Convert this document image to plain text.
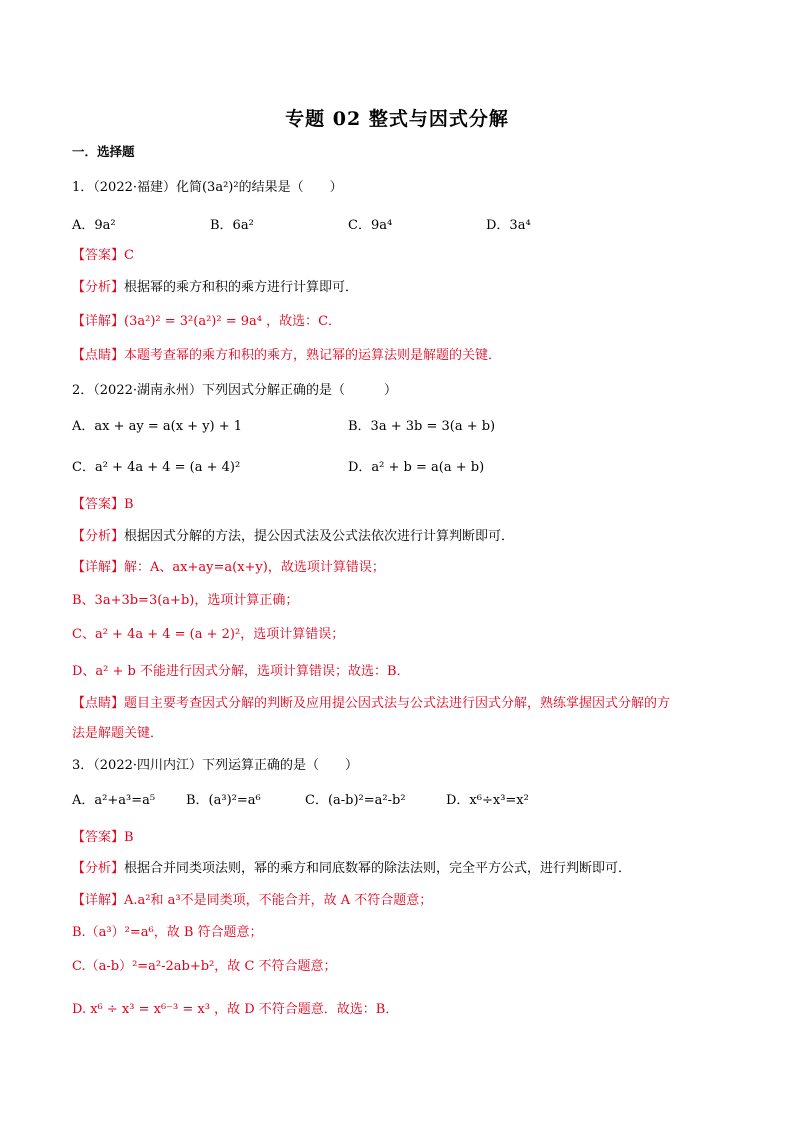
专题 02 整式与因式分解
一．选择题
1．（2022·福建）化简(3a²)²的结果是（　　）
A．9a²	B．6a²	C．9a⁴	D．3a⁴
【答案】C
【分析】根据幂的乘方和积的乘方进行计算即可．
【详解】(3a²)² = 3²(a²)² = 9a⁴ ，故选：C．
【点睛】本题考查幂的乘方和积的乘方，熟记幂的运算法则是解题的关键．
2．（2022·湖南永州）下列因式分解正确的是（　　　）
A．ax + ay = a(x + y) + 1	B．3a + 3b = 3(a + b)
C．a² + 4a + 4 = (a + 4)²	D．a² + b = a(a + b)
【答案】B
【分析】根据因式分解的方法，提公因式法及公式法依次进行计算判断即可．
【详解】解：A、ax+ay=a(x+y)，故选项计算错误；
B、3a+3b=3(a+b)，选项计算正确；
C、a² + 4a + 4 = (a + 2)²，选项计算错误；
D、a² + b 不能进行因式分解，选项计算错误；故选：B．
【点睛】题目主要考查因式分解的判断及应用提公因式法与公式法进行因式分解，熟练掌握因式分解的方
法是解题关键．
3．（2022·四川内江）下列运算正确的是（　　）
A．a²+a³=a⁵ B．(a³)²=a⁶	C．(a-b)²=a²-b²	D．x⁶÷x³=x²
【答案】B
【分析】根据合并同类项法则，幂的乘方和同底数幂的除法法则，完全平方公式，进行判断即可．
【详解】A.a²和 a³不是同类项，不能合并，故 A 不符合题意；
B.（a³）²=a⁶，故 B 符合题意；
C.（a-b）²=a²-2ab+b²，故 C 不符合题意；
D. x⁶ ÷ x³ = x⁶⁻³ = x³ ，故 D 不符合题意．故选：B．
